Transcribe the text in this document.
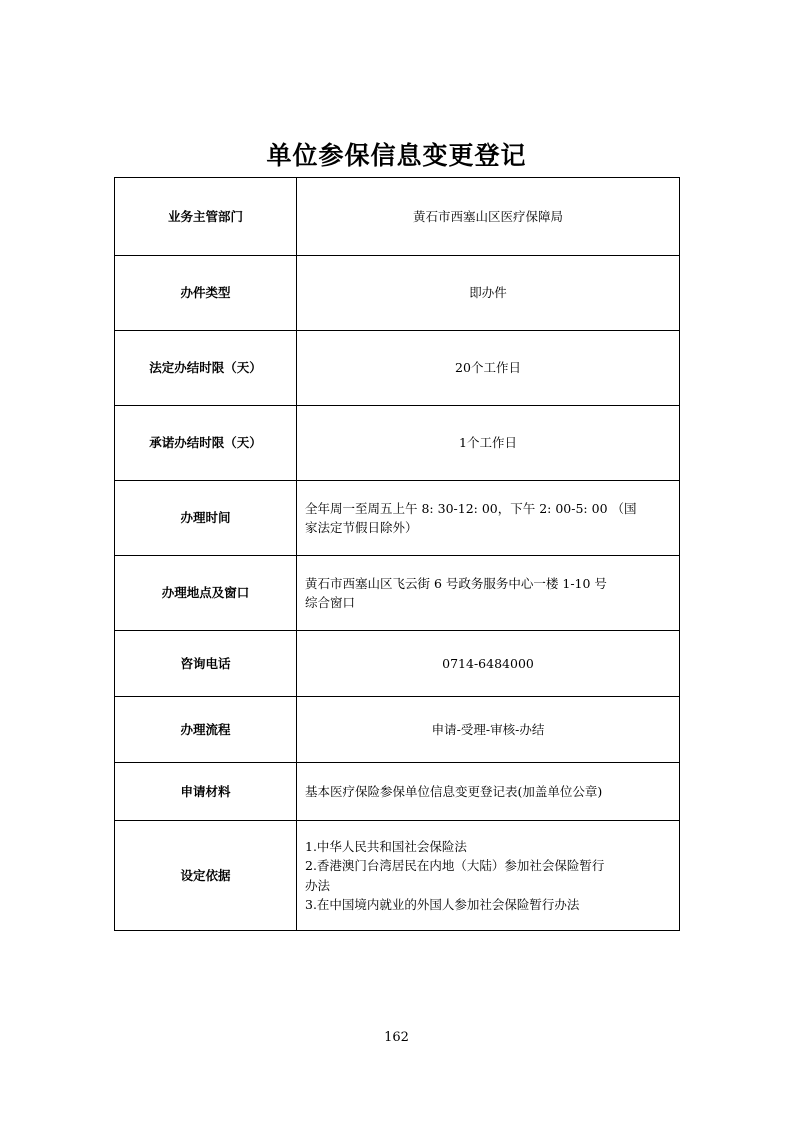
单位参保信息变更登记
业务主管部门	黄石市西塞山区医疗保障局

办件类型	即办件

法定办结时限（天）	20个工作日

承诺办结时限（天）	1个工作日

办理时间	全年周一至周五上午 8: 30-12: 00，下午 2: 00-5: 00 （国
家法定节假日除外）

办理地点及窗口	黄石市西塞山区飞云街 6 号政务服务中心一楼 1-10 号
综合窗口

咨询电话	0714-6484000

办理流程	申请-受理-审核-办结

申请材料	基本医疗保险参保单位信息变更登记表(加盖单位公章)

设定依据	1.中华人民共和国社会保险法
2.香港澳门台湾居民在内地（大陆）参加社会保险暂行
办法
3.在中国境内就业的外国人参加社会保险暂行办法
162
